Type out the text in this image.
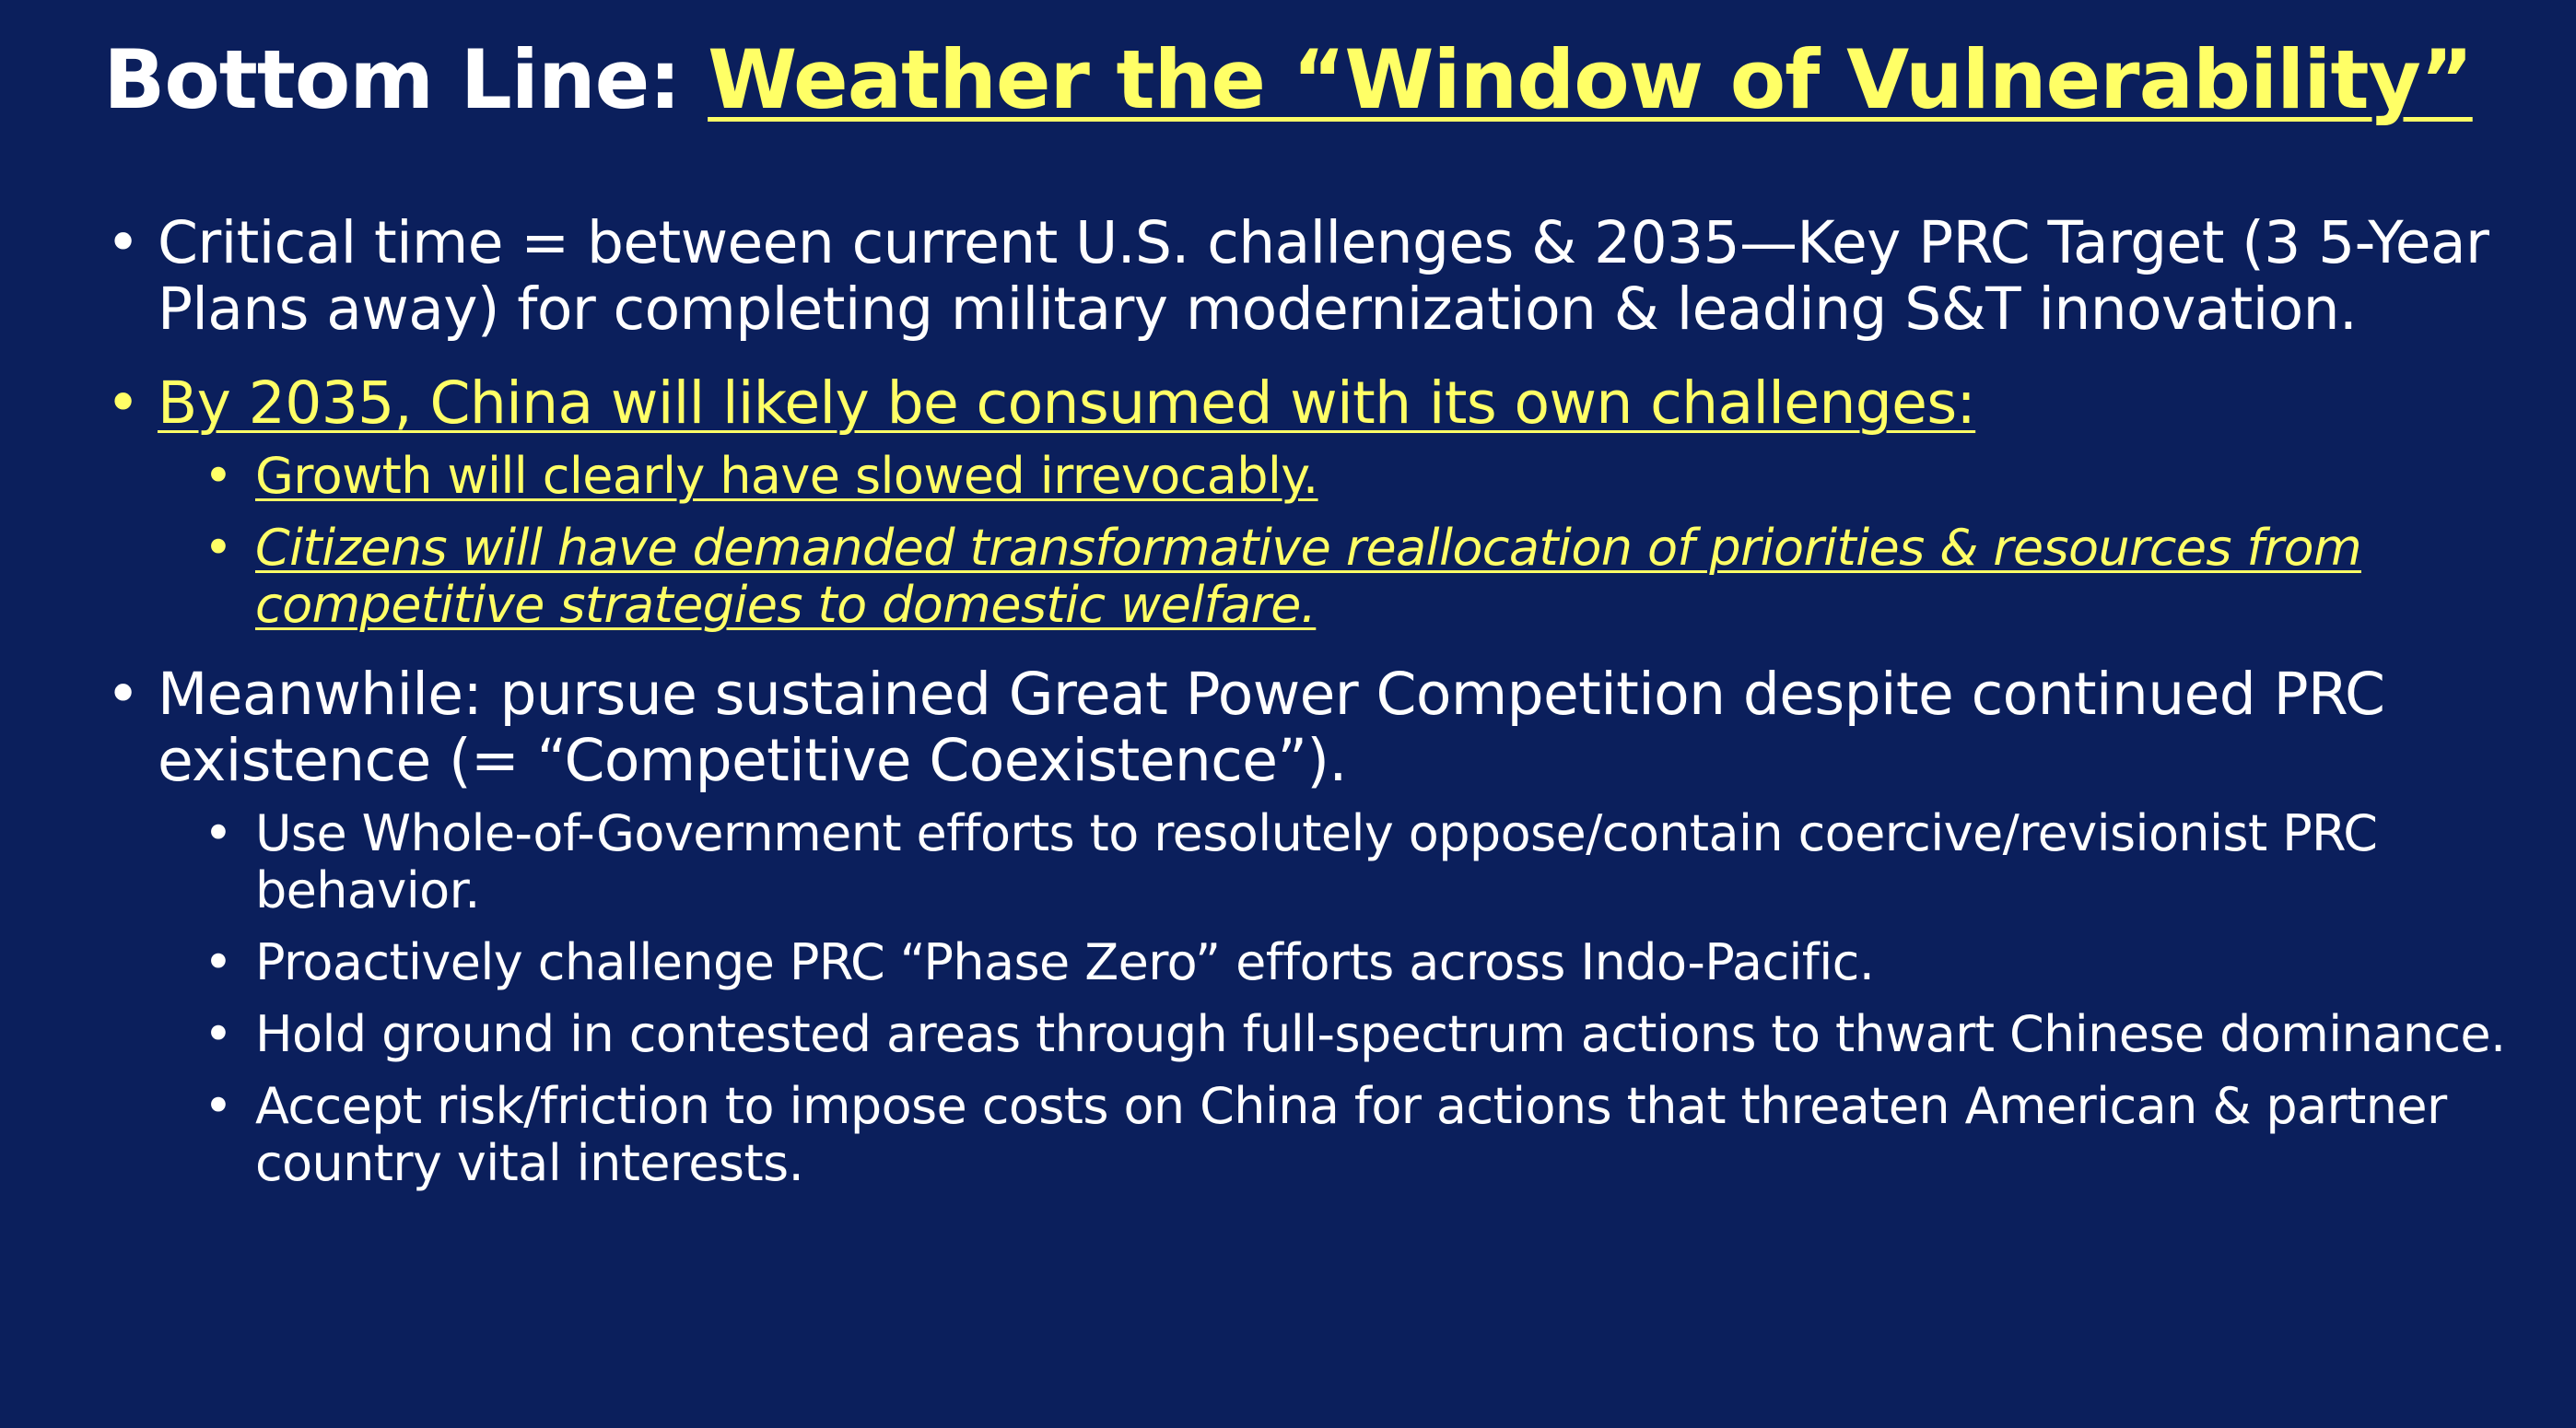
Bottom Line: Weather the “Window of Vulnerability”
• Critical time = between current U.S. challenges & 2035—Key PRC Target (3 5-Year Plans away) for completing military modernization & leading S&T innovation.
• By 2035, China will likely be consumed with its own challenges:
• Growth will clearly have slowed irrevocably.
• Citizens will have demanded transformative reallocation of priorities & resources from competitive strategies to domestic welfare.
• Meanwhile: pursue sustained Great Power Competition despite continued PRC existence (= “Competitive Coexistence”).
• Use Whole-of-Government efforts to resolutely oppose/contain coercive/revisionist PRC behavior.
• Proactively challenge PRC “Phase Zero” efforts across Indo-Pacific.
• Hold ground in contested areas through full-spectrum actions to thwart Chinese dominance.
• Accept risk/friction to impose costs on China for actions that threaten American & partner country vital interests.
